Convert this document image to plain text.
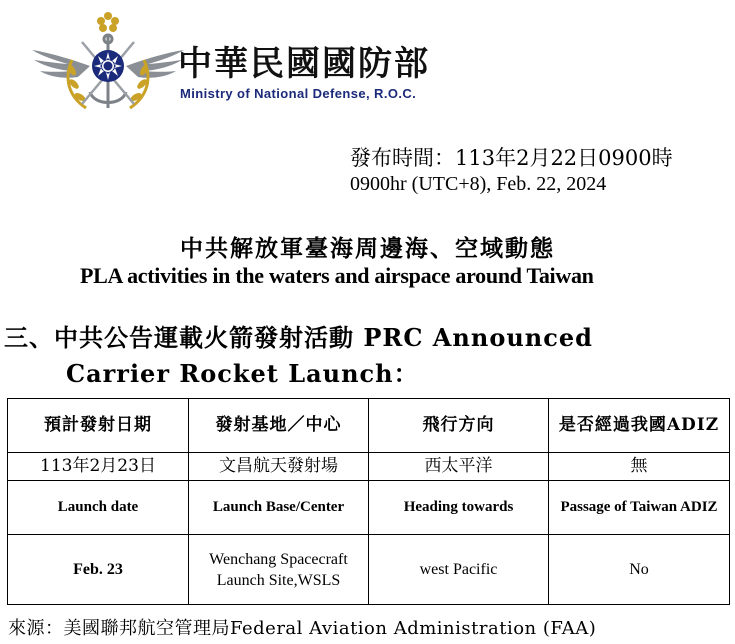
中華民國國防部
Ministry of National Defense, R.O.C.
發布時間：113年2月22日0900時
0900hr (UTC+8), Feb. 22, 2024
中共解放軍臺海周邊海、空域動態
PLA activities in the waters and airspace around Taiwan
三、中共公告運載火箭發射活動 PRC Announced
Carrier Rocket Launch：
預計發射日期	發射基地／中心	飛行方向	是否經過我國ADIZ
113年2月23日	文昌航天發射場	西太平洋	無
Launch date	Launch Base/Center	Heading towards	Passage of Taiwan ADIZ
Feb. 23	Wenchang Spacecraft Launch Site,WSLS	west Pacific	No
來源：美國聯邦航空管理局Federal Aviation Administration (FAA)
